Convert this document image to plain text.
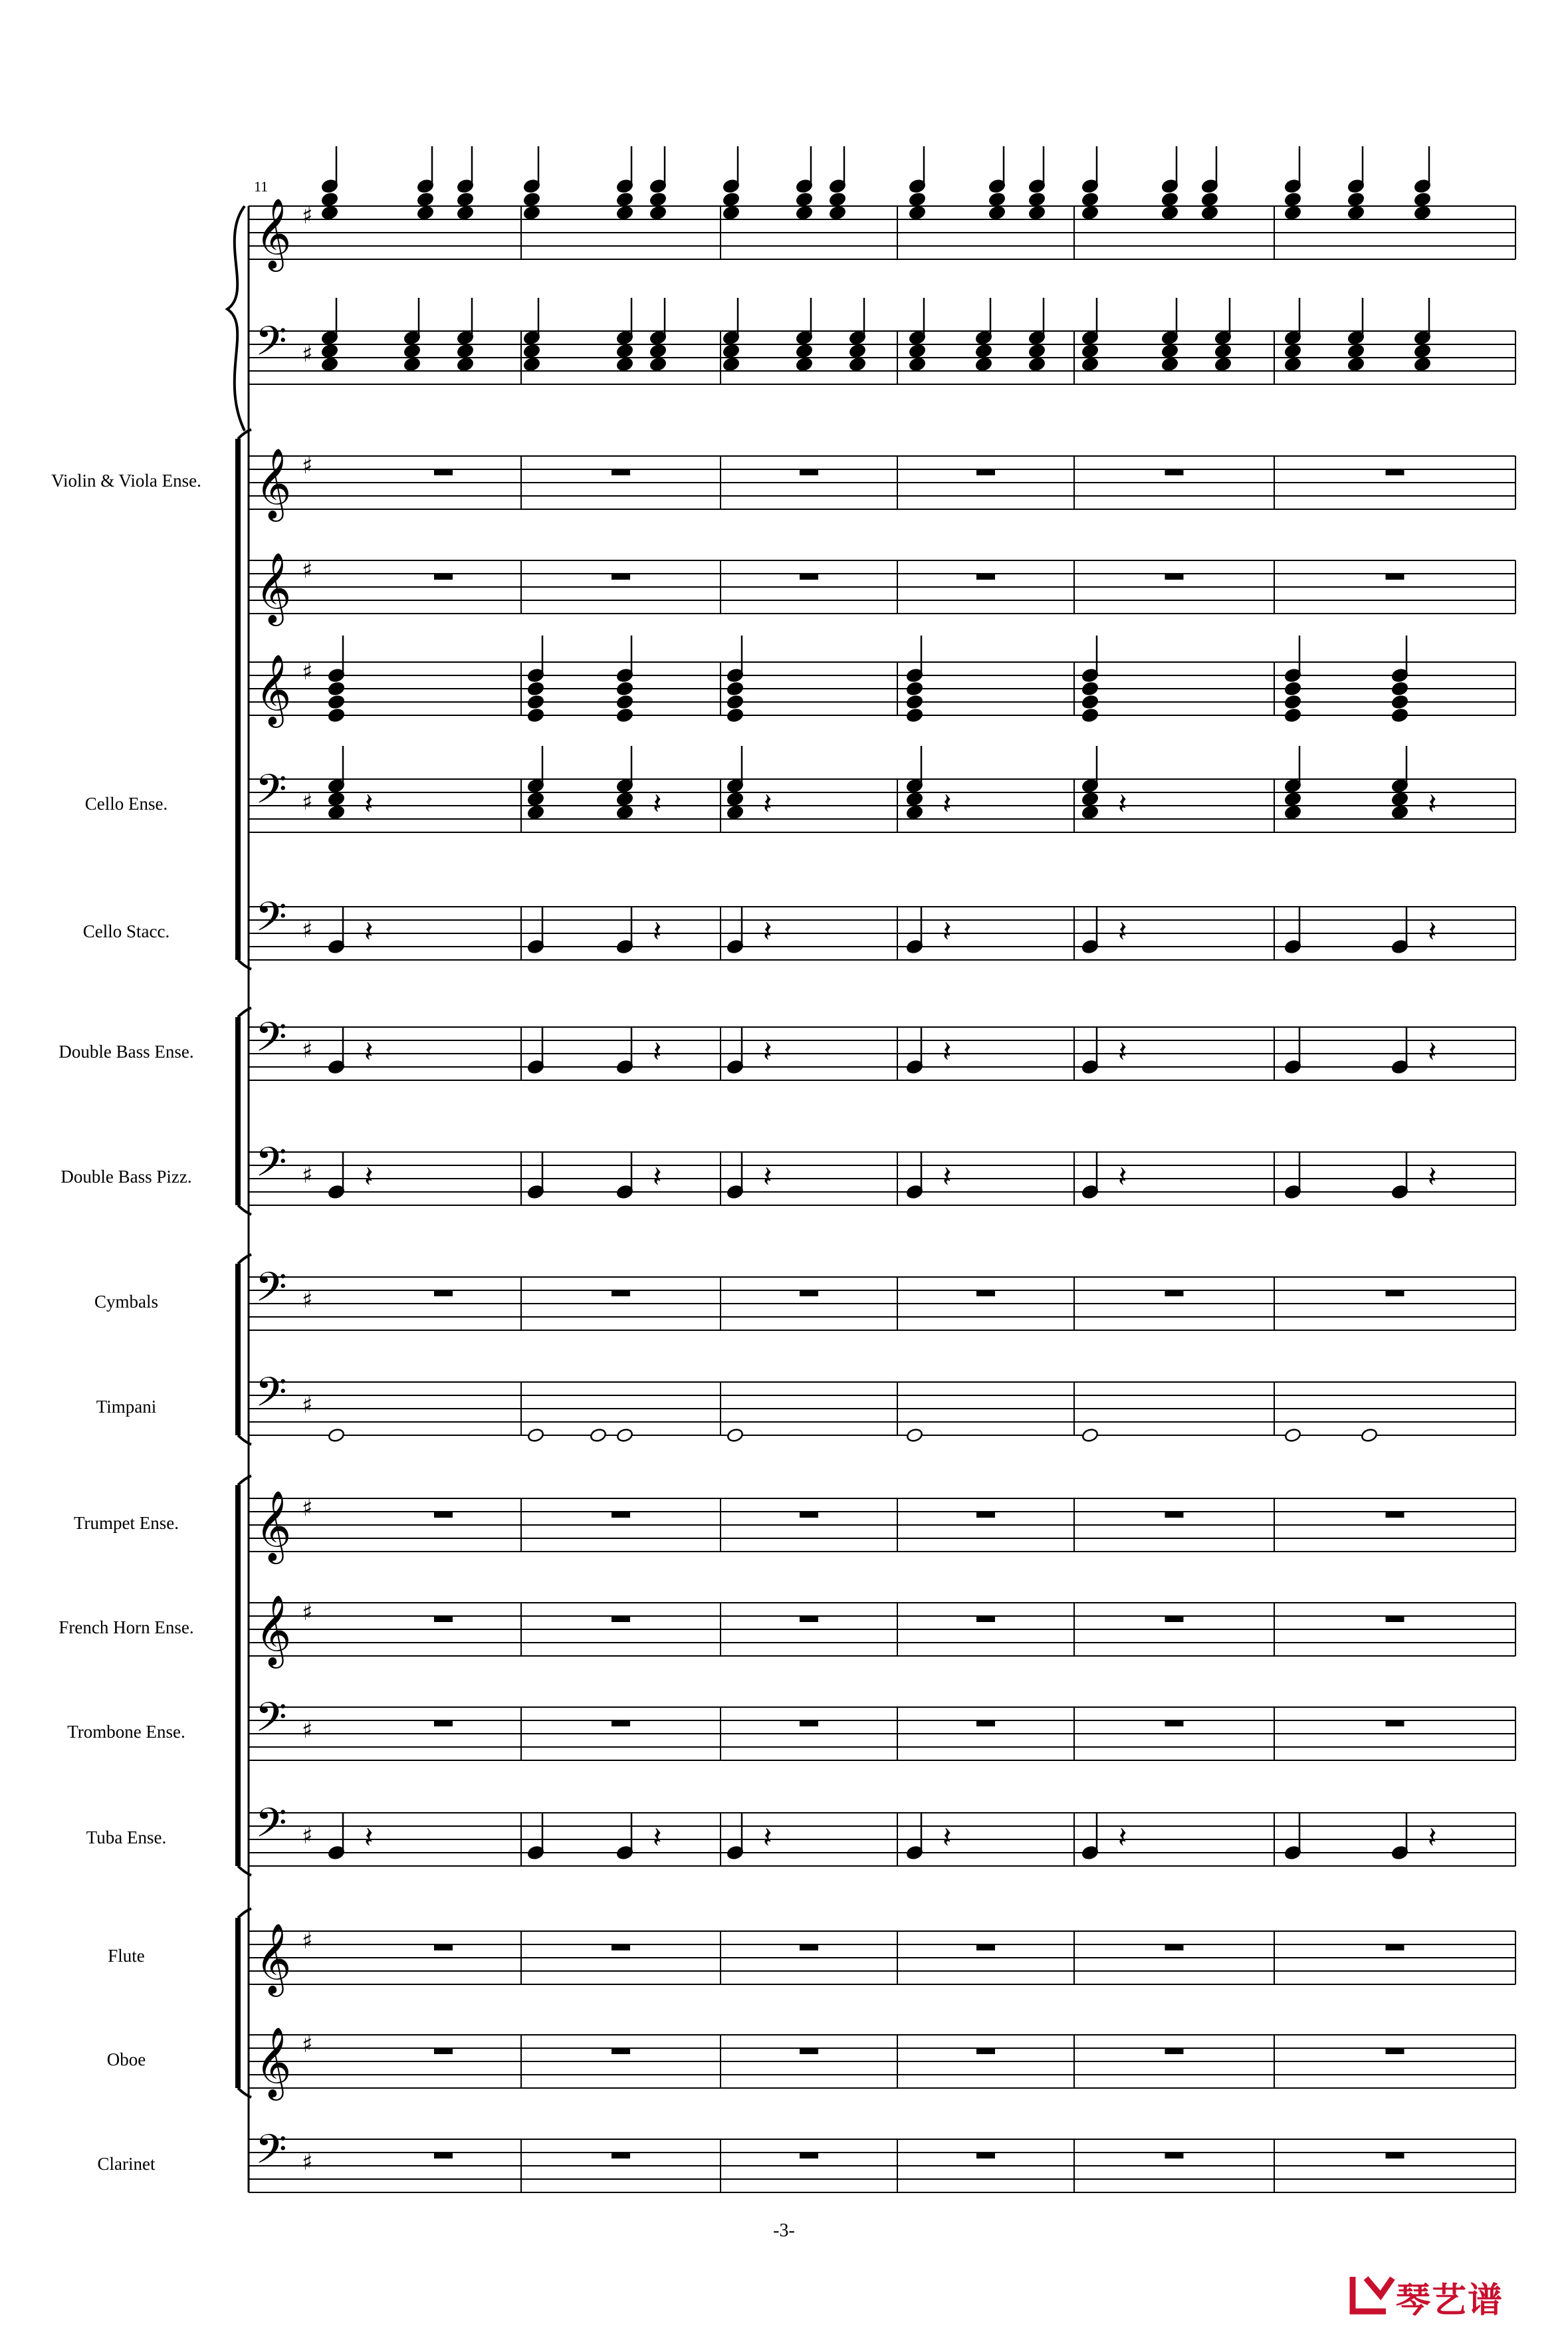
𝄞 ♯
𝄢 ♯
𝄞 ♯
𝄞 ♯
𝄞 ♯
𝄢 ♯
𝄢 ♯
𝄢 ♯
𝄢 ♯
𝄢 ♯
𝄢 ♯
𝄞 ♯
𝄞 ♯
𝄢 ♯
𝄢 ♯
𝄞 ♯
𝄞 ♯
𝄢 ♯
𝄽	𝄽	𝄽	𝄽	𝄽	𝄽
𝄽	𝄽	𝄽	𝄽	𝄽	𝄽
𝄽	𝄽	𝄽	𝄽	𝄽	𝄽
𝄽	𝄽	𝄽	𝄽	𝄽	𝄽
𝄽	𝄽	𝄽	𝄽	𝄽	𝄽
Violin & Viola Ense.
Cello Ense.
Cello Stacc.
Double Bass Ense.
Double Bass Pizz.
Cymbals
Timpani
Trumpet Ense.
French Horn Ense.
Trombone Ense.
Tuba Ense.
Flute
Oboe
Clarinet
11
-3-
琴艺谱
